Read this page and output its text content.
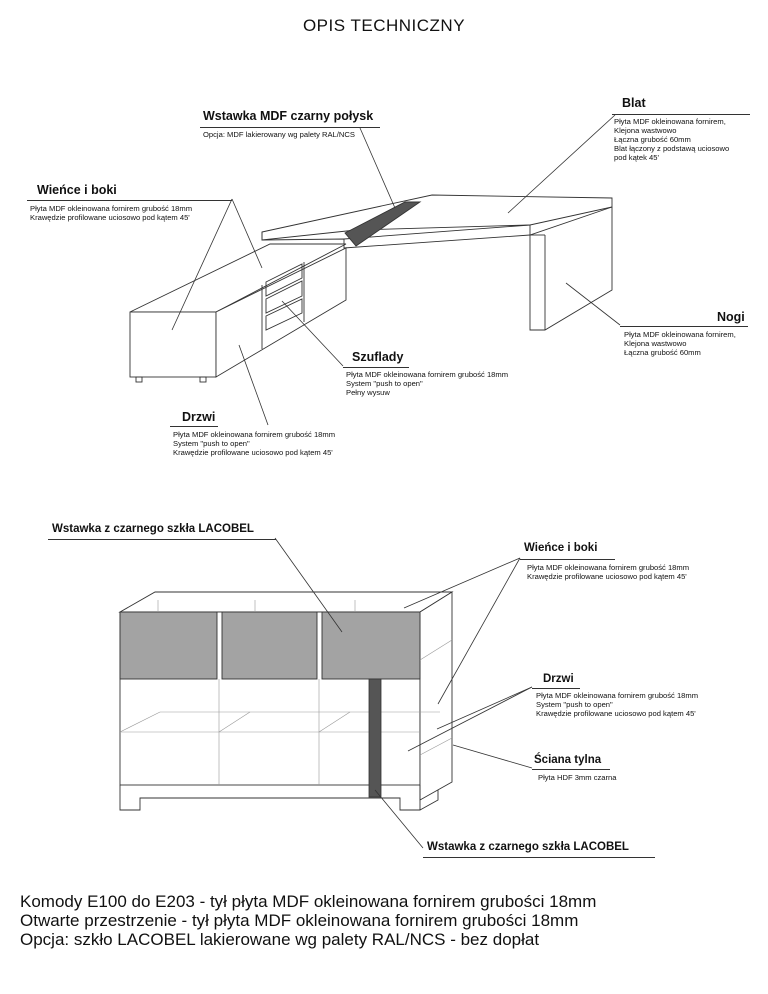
OPIS TECHNICZNY
Wstawka MDF czarny połysk
Opcja: MDF lakierowany wg palety RAL/NCS
Blat
Płyta MDF okleinowana fornirem,
Klejona wastwowo
Łączna grubość 60mm
Blat łączony z podstawą uciosowo
pod kątek 45'
Wieńce i boki
Płyta MDF okleinowana fornirem grubość 18mm
Krawędzie profilowane uciosowo pod kątem 45'
Nogi
Płyta MDF okleinowana fornirem,
Klejona wastwowo
Łączna grubość 60mm
Szuflady
Płyta MDF okleinowana fornirem grubość 18mm
System "push to open"
Pełny wysuw
Drzwi
Płyta MDF okleinowana fornirem grubość 18mm
System "push to open"
Krawędzie profilowane uciosowo pod kątem 45'
Wstawka z czarnego szkła LACOBEL
Wieńce i boki
Płyta MDF okleinowana fornirem grubość 18mm
Krawędzie profilowane uciosowo pod kątem 45'
Drzwi
Płyta MDF okleinowana fornirem grubość 18mm
System "push to open"
Krawędzie profilowane uciosowo pod kątem 45'
Ściana tylna
Płyta HDF 3mm czarna
Wstawka z czarnego szkła LACOBEL
Komody E100 do E203 - tył płyta MDF okleinowana fornirem grubości 18mm
Otwarte przestrzenie - tył płyta MDF okleinowana fornirem grubości 18mm
Opcja: szkło LACOBEL lakierowane wg palety RAL/NCS - bez dopłat
